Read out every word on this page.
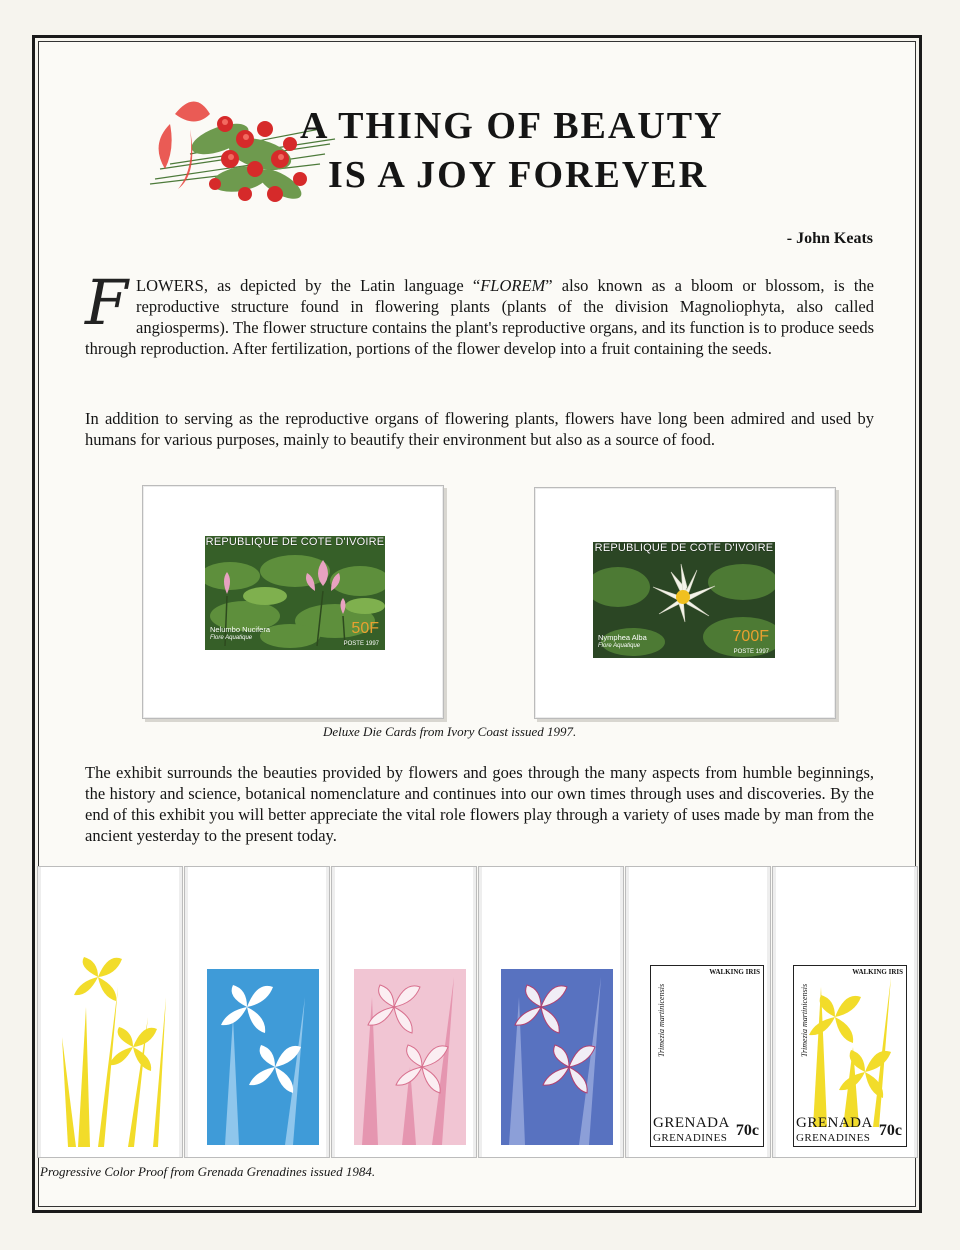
A THING OF BEAUTY
IS A JOY FOREVER
- John Keats
FLOWERS, as depicted by the Latin language “FLOREM” also known as a bloom or blossom, is the reproductive structure found in flowering plants (plants of the division Magnoliophyta, also called angiosperms). The flower structure contains the plant's reproductive organs, and its function is to produce seeds through reproduction. After fertilization, portions of the flower develop into a fruit containing the seeds.
In addition to serving as the reproductive organs of flowering plants, flowers have long been admired and used by humans for various purposes, mainly to beautify their environment but also as a source of food.
REPUBLIQUE DE COTE D'IVOIRE
Nelumbo Nucifera
Flore Aquatique
50F
POSTE 1997
REPUBLIQUE DE COTE D'IVOIRE
Nymphea Alba
Flore Aquatique
700F
POSTE 1997
Deluxe Die Cards from Ivory Coast issued 1997.
The exhibit surrounds the beauties provided by flowers and goes through the many aspects from humble beginnings, the history and science, botanical nomenclature and continues into our own times through uses and discoveries. By the end of this exhibit you will better appreciate the vital role flowers play through a variety of uses made by man from the ancient yesterday to the present today.
WALKING IRIS
Trimezia martinicensis
GRENADA
GRENADINES 70c
WALKING IRIS
Trimezia martinicensis
GRENADA
GRENADINES 70c
Progressive Color Proof from Grenada Grenadines issued 1984.
